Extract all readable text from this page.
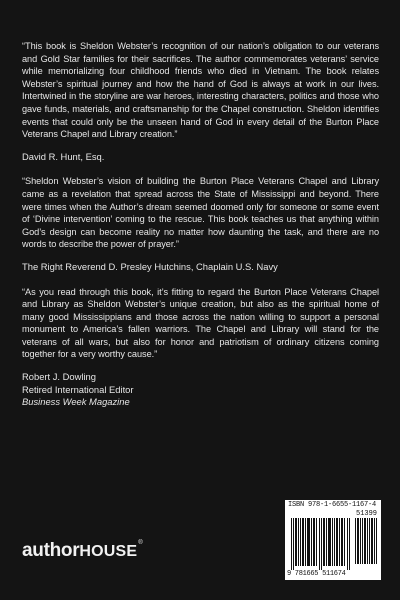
“This book is Sheldon Webster’s recognition of our nation’s obligation to our veterans and Gold Star families for their sacrifices. The author commemorates veterans’ service while memorializing four childhood friends who died in Vietnam. The book relates Webster’s spiritual journey and how the hand of God is always at work in our lives. Intertwined in the storyline are war heroes, interesting characters, politics and those who gave funds, materials, and craftsmanship for the Chapel construction. Sheldon identifies events that could only be the unseen hand of God in every detail of the Burton Place Veterans Chapel and Library creation.”

David R. Hunt, Esq.

“Sheldon Webster’s vision of building the Burton Place Veterans Chapel and Library came as a revelation that spread across the State of Mississippi and beyond. There were times when the Author’s dream seemed doomed only for someone or some event of ‘Divine intervention’ coming to the rescue. This book teaches us that anything within God’s design can become reality no matter how daunting the task, and there are no words to describe the power of prayer.”

The Right Reverend D. Presley Hutchins, Chaplain U.S. Navy

“As you read through this book, it’s fitting to regard the Burton Place Veterans Chapel and Library as Sheldon Webster’s unique creation, but also as the spiritual home of many good Mississippians and those across the nation willing to support a personal monument to America’s fallen warriors. The Chapel and Library will stand for the veterans of all wars, but also for honor and patriotism of ordinary citizens coming together for a very worthy cause.”

Robert J. Dowling
Retired International Editor
Business Week Magazine
authorHOUSE®
ISBN 978-1-6655-1167-4
51399
9 781665 511674
